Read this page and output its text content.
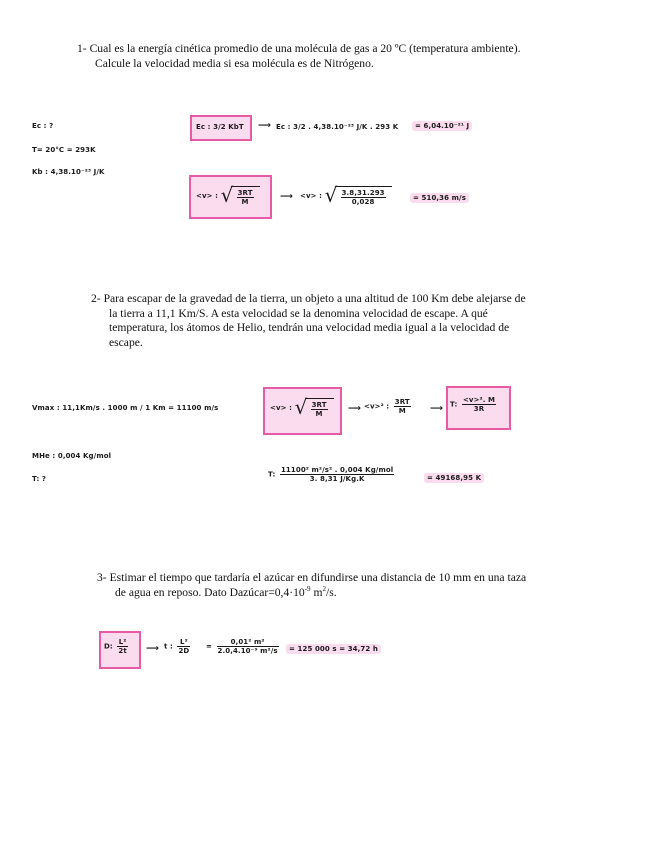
1- Cual es la energía cinética promedio de una molécula de gas a 20 ºC (temperatura ambiente).
Calcule la velocidad media si esa molécula es de Nitrógeno.
Ec : ?
T= 20°C = 293K
Kb : 4,38.10⁻²³ J/K
Ec : 3/2 KbT	⟶ Ec : 3/2 . 4,38.10⁻²³ J/K . 293 K	= 6,04.10⁻²¹ J
<v> : √ $\frac{3RT}{M}$	⟶ <v> : √ $\frac{3.8,31.293}{0,028}$	= 510,36 m/s
2- Para escapar de la gravedad de la tierra, un objeto a una altitud de 100 Km debe alejarse de
la tierra a 11,1 Km/S. A esta velocidad se la denomina velocidad de escape. A qué
temperatura, los átomos de Helio, tendrán una velocidad media igual a la velocidad de
escape.
Vmax : 11,1Km/s . 1000 m / 1 Km = 11100 m/s
MHe : 0,004 Kg/mol
T: ?
<v> : √ $\frac{3RT}{M}$	⟶ <v>² : $\frac{3RT}{M}$	⟶ T: $\frac{\text{<v>². M}}{3R}$
T: $\frac{\text{11100² m²/s² . 0,004 Kg/mol}}{3. 8,31 J/Kg.K}$	= 49168,95 K
3- Estimar el tiempo que tardaría el azúcar en difundirse una distancia de 10 mm en una taza
de agua en reposo. Dato $Dazúcar=0,4\cdot 10^{-9}$ $m^2/s$.
D: $\frac{\text{L²}}{2t}$	⟶ t : $\frac{\text{L²}}{2D} = \frac{\text{0,01² m²}}{\text{2.0,4.10⁻⁹ m²/s}}$	= 125 000 s = 34,72 h
